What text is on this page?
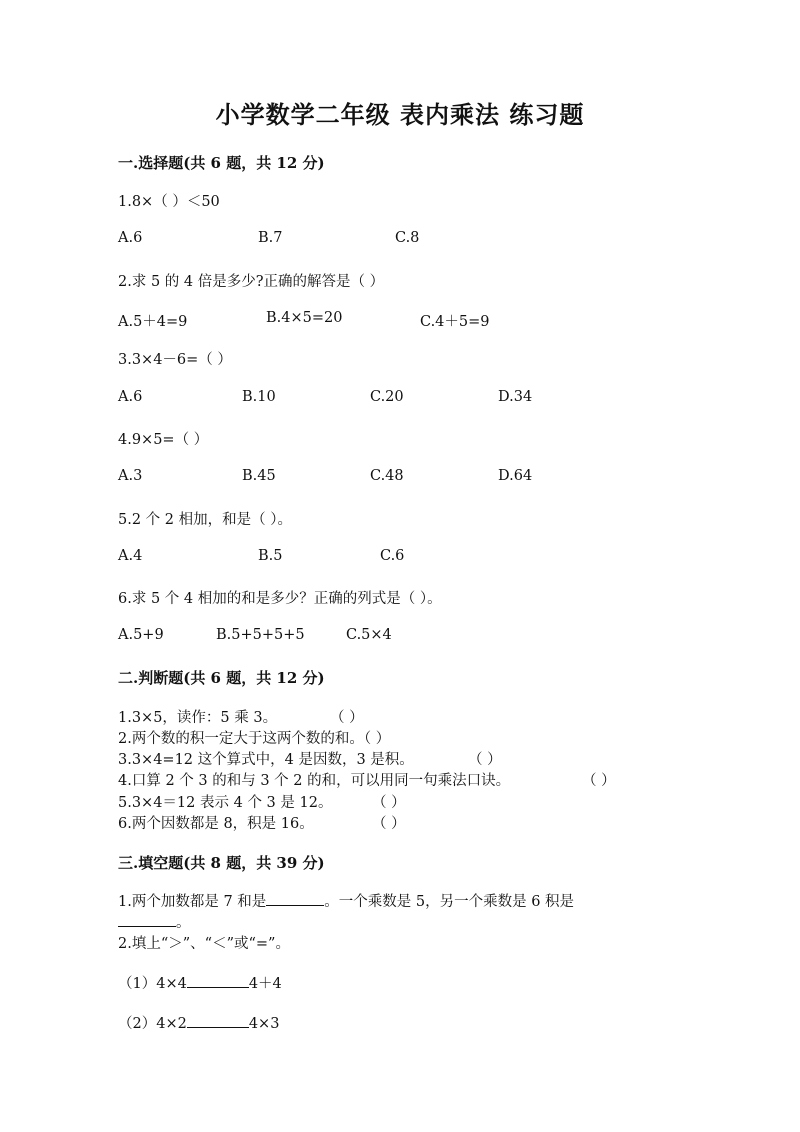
小学数学二年级 表内乘法 练习题
一.选择题(共 6 题，共 12 分)
1.8×（ ）＜50
A.6	B.7	C.8
2.求 5 的 4 倍是多少?正确的解答是（ ）
A.5＋4=9	B.4×5=20	C.4＋5=9
3.3×4－6=（ ）
A.6	B.10	C.20	D.34
4.9×5=（ ）
A.3	B.45	C.48	D.64
5.2 个 2 相加，和是（ ）。
A.4	B.5	C.6
6.求 5 个 4 相加的和是多少？正确的列式是（ ）。
A.5+9	B.5+5+5+5	C.5×4
二.判断题(共 6 题，共 12 分)
1.3×5，读作：5 乘 3。	（ ）
2.两个数的积一定大于这两个数的和。（ ）
3.3×4=12 这个算式中，4 是因数，3 是积。	（ ）
4.口算 2 个 3 的和与 3 个 2 的和，可以用同一句乘法口诀。	（ ）
5.3×4＝12 表示 4 个 3 是 12。	（ ）
6.两个因数都是 8，积是 16。	（ ）
三.填空题(共 8 题，共 39 分)
1.两个加数都是 7 和是	。一个乘数是 5，另一个乘数是 6 积是
。
2.填上“＞”、“＜”或“=”。
（1）4×4	4＋4
（2）4×2	4×3
